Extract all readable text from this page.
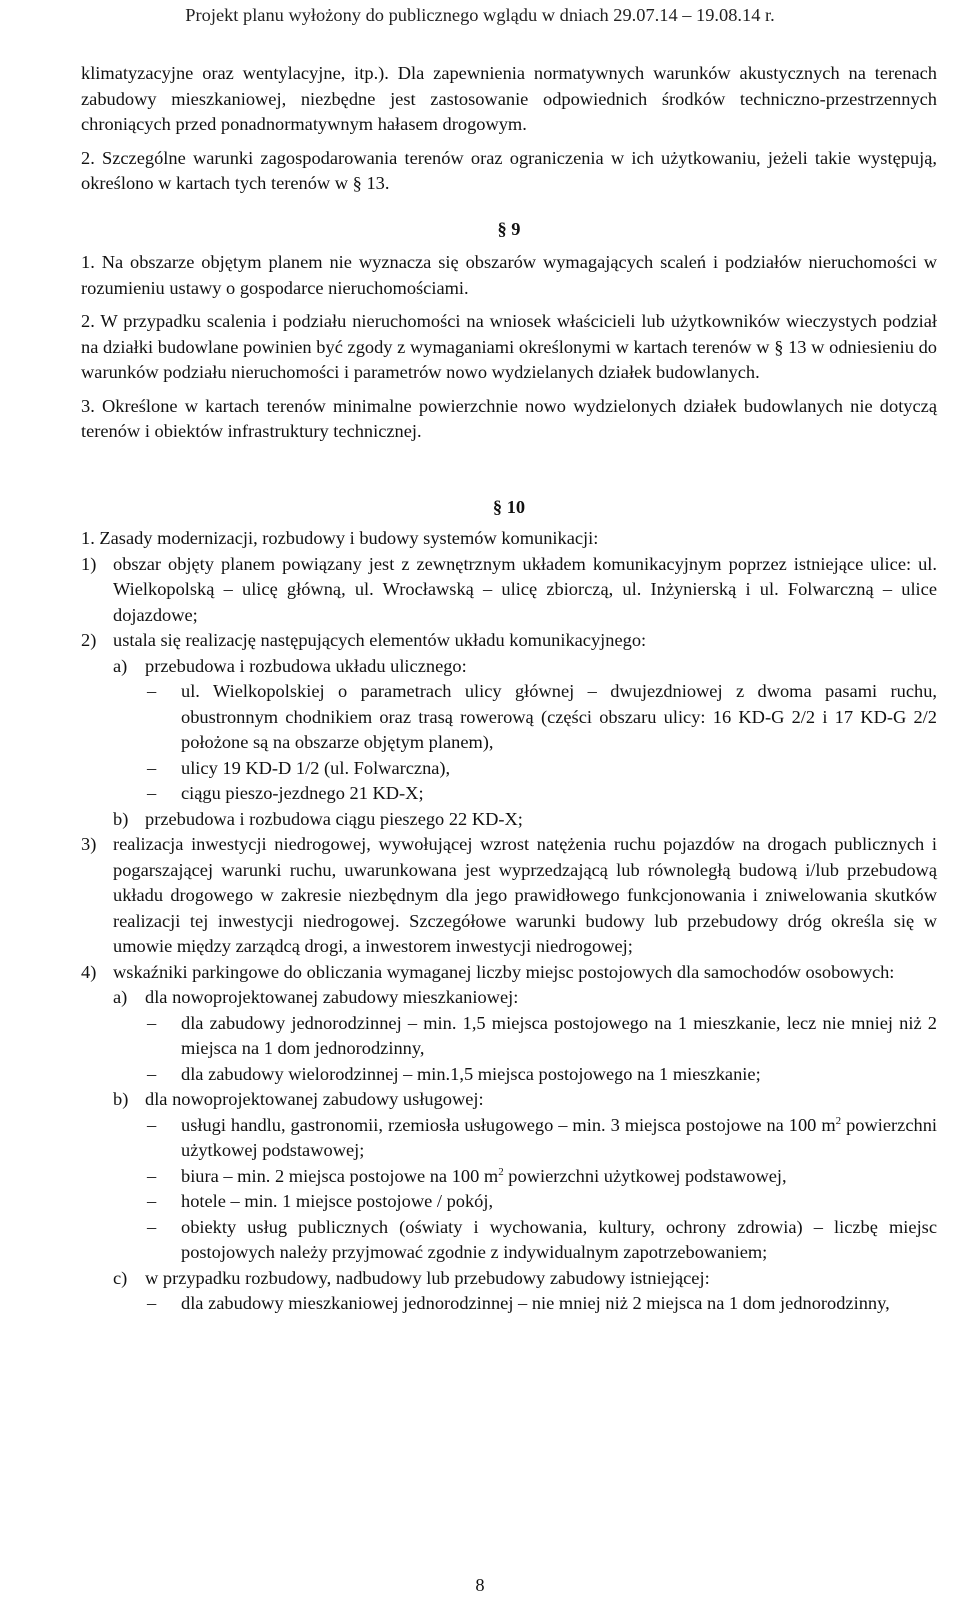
Projekt planu wyłożony do publicznego wglądu w dniach 29.07.14 – 19.08.14 r.

klimatyzacyjne oraz wentylacyjne, itp.). Dla zapewnienia normatywnych warunków akustycznych na terenach zabudowy mieszkaniowej, niezbędne jest zastosowanie odpowiednich środków techniczno-przestrzennych chroniących przed ponadnormatywnym hałasem drogowym.

2. Szczególne warunki zagospodarowania terenów oraz ograniczenia w ich użytkowaniu, jeżeli takie występują, określono w kartach tych terenów w § 13.

§ 9

1. Na obszarze objętym planem nie wyznacza się obszarów wymagających scaleń i podziałów nieruchomości w rozumieniu ustawy o gospodarce nieruchomościami.

2. W przypadku scalenia i podziału nieruchomości na wniosek właścicieli lub użytkowników wieczystych podział na działki budowlane powinien być zgody z wymaganiami określonymi w kartach terenów w § 13 w odniesieniu do warunków podziału nieruchomości i parametrów nowo wydzielanych działek budowlanych.

3. Określone w kartach terenów minimalne powierzchnie nowo wydzielonych działek budowlanych nie dotyczą terenów i obiektów infrastruktury technicznej.

§ 10

1. Zasady modernizacji, rozbudowy i budowy systemów komunikacji:

1) obszar objęty planem powiązany jest z zewnętrznym układem komunikacyjnym poprzez istniejące ulice: ul. Wielkopolską – ulicę główną, ul. Wrocławską – ulicę zbiorczą, ul. Inżynierską i ul. Folwarczną – ulice dojazdowe;
2) ustala się realizację następujących elementów układu komunikacyjnego:
a) przebudowa i rozbudowa układu ulicznego:
– ul. Wielkopolskiej o parametrach ulicy głównej – dwujezdniowej z dwoma pasami ruchu, obustronnym chodnikiem oraz trasą rowerową (części obszaru ulicy: 16 KD-G 2/2 i 17 KD-G 2/2 położone są na obszarze objętym planem),
– ulicy 19 KD-D 1/2 (ul. Folwarczna),
– ciągu pieszo-jezdnego 21 KD-X;
b) przebudowa i rozbudowa ciągu pieszego 22 KD-X;
3) realizacja inwestycji niedrogowej, wywołującej wzrost natężenia ruchu pojazdów na drogach publicznych i pogarszającej warunki ruchu, uwarunkowana jest wyprzedzającą lub równoległą budową i/lub przebudową układu drogowego w zakresie niezbędnym dla jego prawidłowego funkcjonowania i zniwelowania skutków realizacji tej inwestycji niedrogowej. Szczegółowe warunki budowy lub przebudowy dróg określa się w umowie między zarządcą drogi, a inwestorem inwestycji niedrogowej;
4) wskaźniki parkingowe do obliczania wymaganej liczby miejsc postojowych dla samochodów osobowych:
a) dla nowoprojektowanej zabudowy mieszkaniowej:
– dla zabudowy jednorodzinnej – min. 1,5 miejsca postojowego na 1 mieszkanie, lecz nie mniej niż 2 miejsca na 1 dom jednorodzinny,
– dla zabudowy wielorodzinnej – min.1,5 miejsca postojowego na 1 mieszkanie;
b) dla nowoprojektowanej zabudowy usługowej:
– usługi handlu, gastronomii, rzemiosła usługowego – min. 3 miejsca postojowe na 100 $m^2$ powierzchni użytkowej podstawowej;
– biura – min. 2 miejsca postojowe na 100 $m^2$ powierzchni użytkowej podstawowej,
– hotele – min. 1 miejsce postojowe / pokój,
– obiekty usług publicznych (oświaty i wychowania, kultury, ochrony zdrowia) – liczbę miejsc postojowych należy przyjmować zgodnie z indywidualnym zapotrzebowaniem;
c) w przypadku rozbudowy, nadbudowy lub przebudowy zabudowy istniejącej:
– dla zabudowy mieszkaniowej jednorodzinnej – nie mniej niż 2 miejsca na 1 dom jednorodzinny,
8
